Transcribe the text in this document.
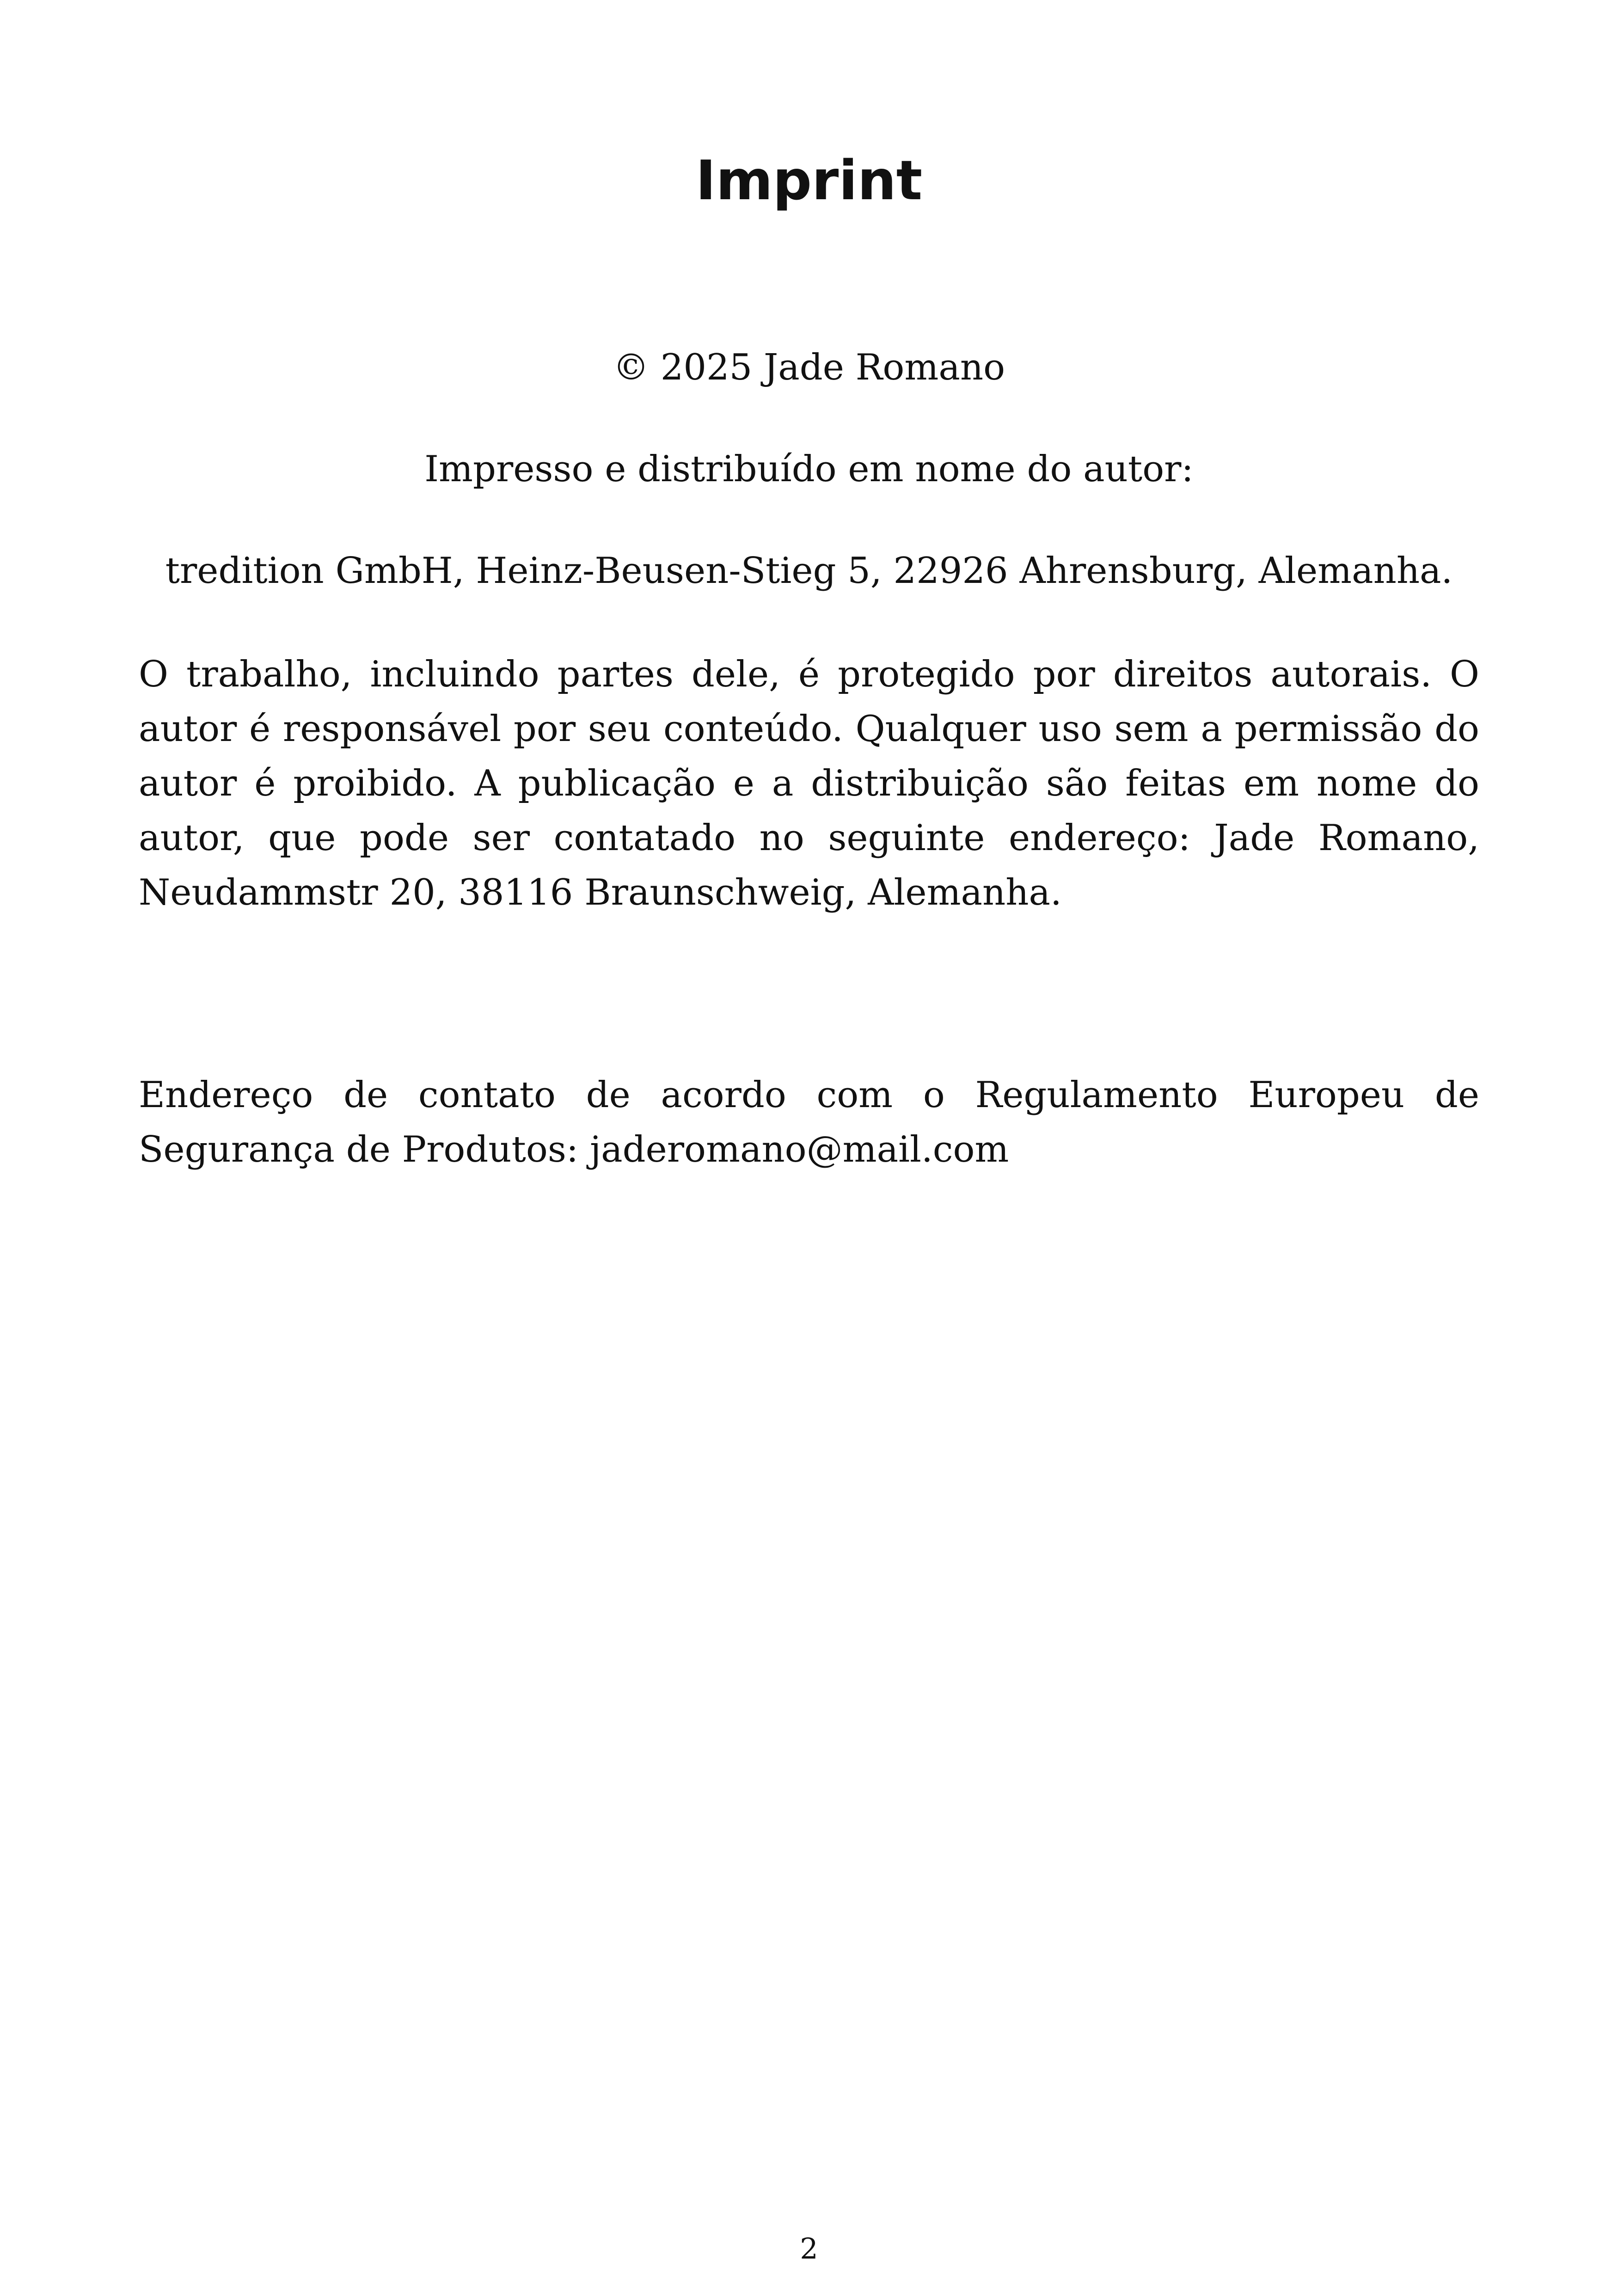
Imprint

© 2025 Jade Romano

Impresso e distribuído em nome do autor:

tredition GmbH, Heinz-Beusen-Stieg 5, 22926 Ahrensburg, Alemanha.

O trabalho, incluindo partes dele, é protegido por direitos autorais. O autor é responsável por seu conteúdo. Qualquer uso sem a permissão do autor é proibido. A publicação e a distribuição são feitas em nome do autor, que pode ser contatado no seguinte endereço: Jade Romano, Neudammstr 20, 38116 Braunschweig, Alemanha.

Endereço de contato de acordo com o Regulamento Europeu de Segurança de Produtos: jaderomano@mail.com

2
